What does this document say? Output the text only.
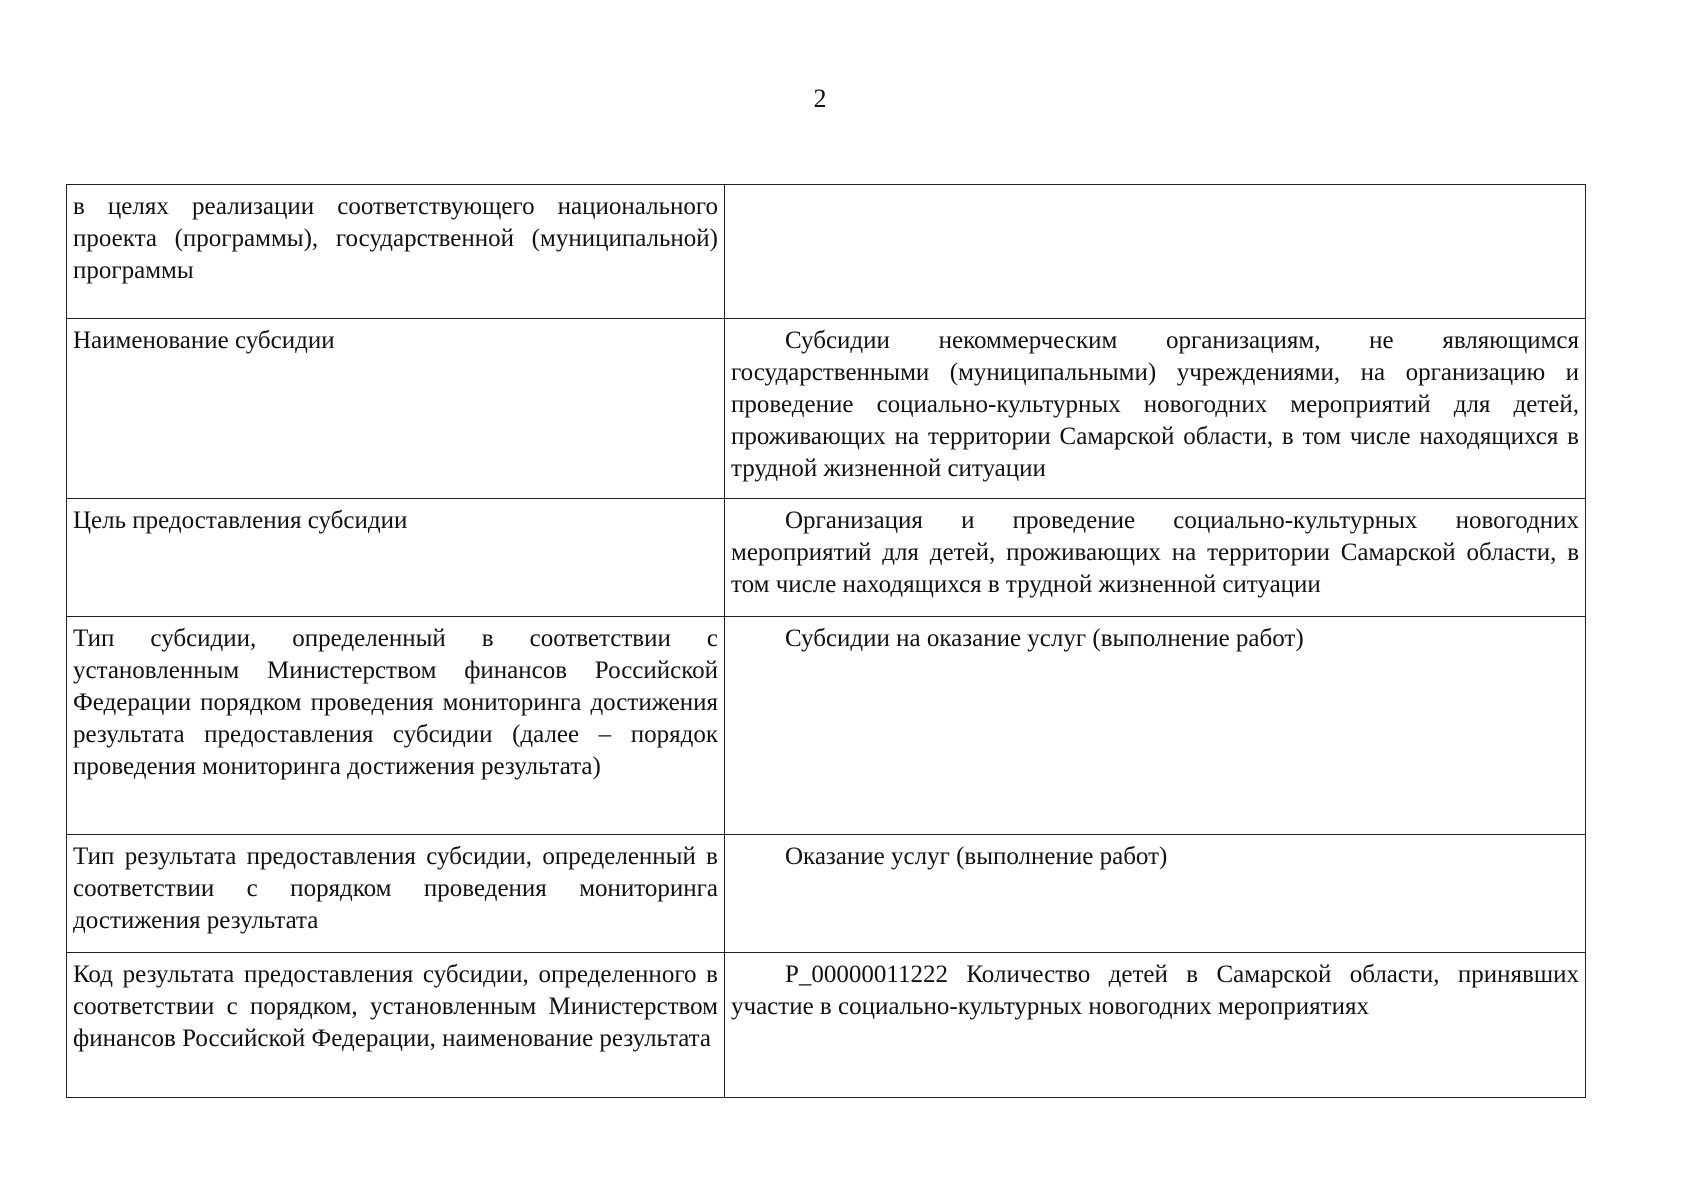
2
в целях реализации соответствующего национального проекта (программы), государственной (муниципальной) программы	
Наименование субсидии	Субсидии некоммерческим организациям, не являющимся государственными (муниципальными) учреждениями, на организацию и проведение социально-культурных новогодних мероприятий для детей, проживающих на территории Самарской области, в том числе находящихся в трудной жизненной ситуации
Цель предоставления субсидии	Организация и проведение социально-культурных новогодних мероприятий для детей, проживающих на территории Самарской области, в том числе находящихся в трудной жизненной ситуации
Тип субсидии, определенный в соответствии с установленным Министерством финансов Российской Федерации порядком проведения мониторинга достижения результата предоставления субсидии (далее – порядок проведения мониторинга достижения результата)	Субсидии на оказание услуг (выполнение работ)
Тип результата предоставления субсидии, определенный в соответствии с порядком проведения мониторинга достижения результата	Оказание услуг (выполнение работ)
Код результата предоставления субсидии, определенного в соответствии с порядком, установленным Министерством финансов Российской Федерации, наименование результата	P_00000011222 Количество детей в Самарской области, принявших участие в социально-культурных новогодних мероприятиях
